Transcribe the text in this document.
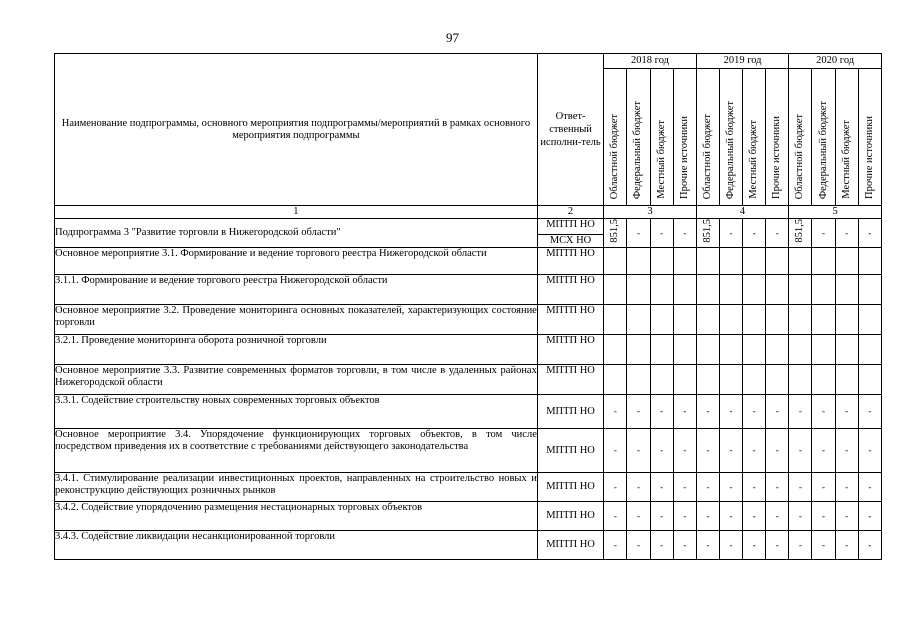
97
Наименование подпрограммы, основного мероприятия подпрограммы/мероприятий в рамках основного мероприятия подпрограммы	Ответ-ственный исполни-тель	2018 год				2019 год				2020 год			

		Областной бюджет	Федеральный бюджет	Местный бюджет	Прочие источники	Областной бюджет	Федеральный бюджет	Местный бюджет	Прочие источники	Областной бюджет	Федеральный бюджет	Местный бюджет	Прочие источники

1	2	3				4				5			
Подпрограмма 3 "Развитие торговли в Нижегородской области"	МПТП НО	851,5	-	-	-	851,5	-	-	-	851,5	-	-	-
	МСХ НО												
Основное мероприятие 3.1. Формирование и ведение торгового реестра Нижегородской области	МПТП НО												
3.1.1. Формирование и ведение торгового реестра Нижегородской области	МПТП НО												
Основное мероприятие 3.2. Проведение мониторинга основных показателей, характеризующих состояние торговли	МПТП НО												
3.2.1. Проведение мониторинга оборота розничной торговли	МПТП НО												
Основное мероприятие 3.3. Развитие современных форматов торговли, в том числе в удаленных районах Нижегородской области	МПТП НО												
3.3.1. Содействие строительству новых современных торговых объектов	МПТП НО	-	-	-	-	-	-	-	-	-	-	-	-
Основное мероприятие 3.4. Упорядочение функционирующих торговых объектов, в том числе посредством приведения их в соответствие с требованиями действующего законодательства	МПТП НО	-	-	-	-	-	-	-	-	-	-	-	-
3.4.1. Стимулирование реализации инвестиционных проектов, направленных на строительство новых и реконструкцию действующих розничных рынков	МПТП НО	-	-	-	-	-	-	-	-	-	-	-	-
3.4.2. Содействие упорядочению размещения нестационарных торговых объектов	МПТП НО	-	-	-	-	-	-	-	-	-	-	-	-
3.4.3. Содействие ликвидации несанкционированной торговли	МПТП НО	-	-	-	-	-	-	-	-	-	-	-	-
